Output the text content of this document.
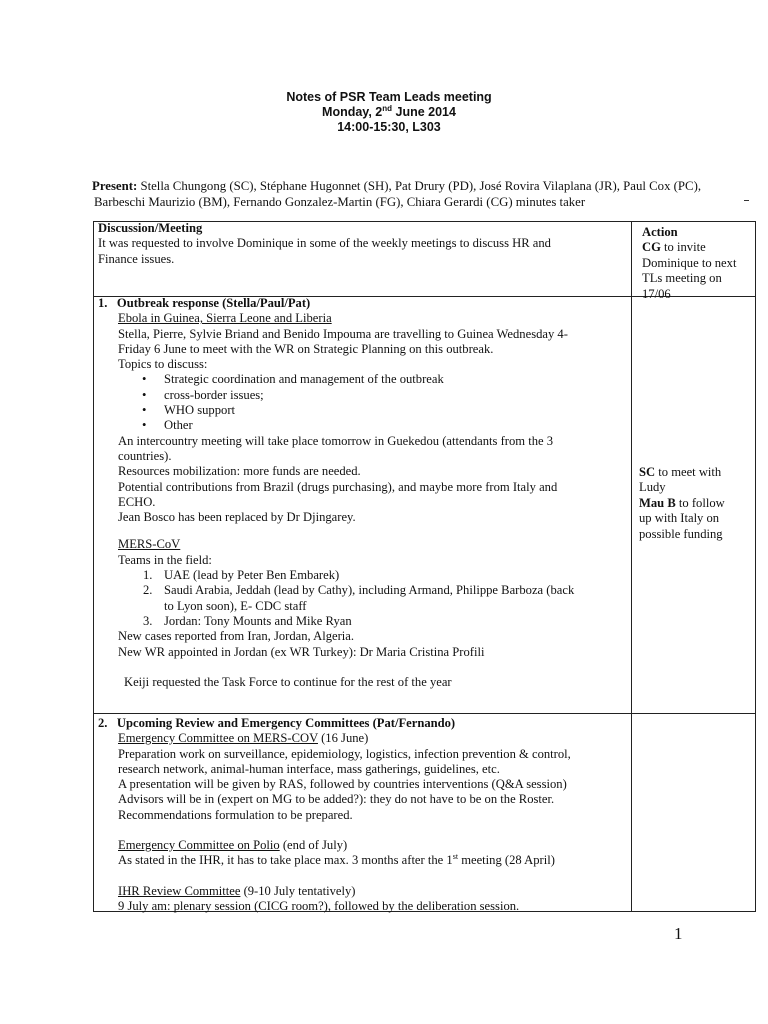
Notes of PSR Team Leads meeting
Monday, 2nd June 2014
14:00-15:30, L303
Present: Stella Chungong (SC), Stéphane Hugonnet (SH), Pat Drury (PD), José Rovira Vilaplana (JR), Paul Cox (PC),
Barbeschi Maurizio (BM), Fernando Gonzalez-Martin (FG), Chiara Gerardi (CG) minutes taker
Discussion/Meeting
It was requested to involve Dominique in some of the weekly meetings to discuss HR and
Finance issues.
Action
CG to invite
Dominique to next
TLs meeting on
17/06
1. Outbreak response (Stella/Paul/Pat)
Ebola in Guinea, Sierra Leone and Liberia
Stella, Pierre, Sylvie Briand and Benido Impouma are travelling to Guinea Wednesday 4-
Friday 6 June to meet with the WR on Strategic Planning on this outbreak.
Topics to discuss:
• Strategic coordination and management of the outbreak
• cross-border issues;
• WHO support
• Other
An intercountry meeting will take place tomorrow in Guekedou (attendants from the 3
countries).
Resources mobilization: more funds are needed.
Potential contributions from Brazil (drugs purchasing), and maybe more from Italy and
ECHO.
Jean Bosco has been replaced by Dr Djingarey.
MERS-CoV
Teams in the field:
1. UAE (lead by Peter Ben Embarek)
2. Saudi Arabia, Jeddah (lead by Cathy), including Armand, Philippe Barboza (back
to Lyon soon), E- CDC staff
3. Jordan: Tony Mounts and Mike Ryan
New cases reported from Iran, Jordan, Algeria.
New WR appointed in Jordan (ex WR Turkey): Dr Maria Cristina Profili
Keiji requested the Task Force to continue for the rest of the year
SC to meet with
Ludy
Mau B to follow
up with Italy on
possible funding
2. Upcoming Review and Emergency Committees (Pat/Fernando)
Emergency Committee on MERS-COV (16 June)
Preparation work on surveillance, epidemiology, logistics, infection prevention & control,
research network, animal-human interface, mass gatherings, guidelines, etc.
A presentation will be given by RAS, followed by countries interventions (Q&A session)
Advisors will be in (expert on MG to be added?): they do not have to be on the Roster.
Recommendations formulation to be prepared.
Emergency Committee on Polio (end of July)
As stated in the IHR, it has to take place max. 3 months after the 1st meeting (28 April)
IHR Review Committee (9-10 July tentatively)
9 July am: plenary session (CICG room?), followed by the deliberation session.
1
